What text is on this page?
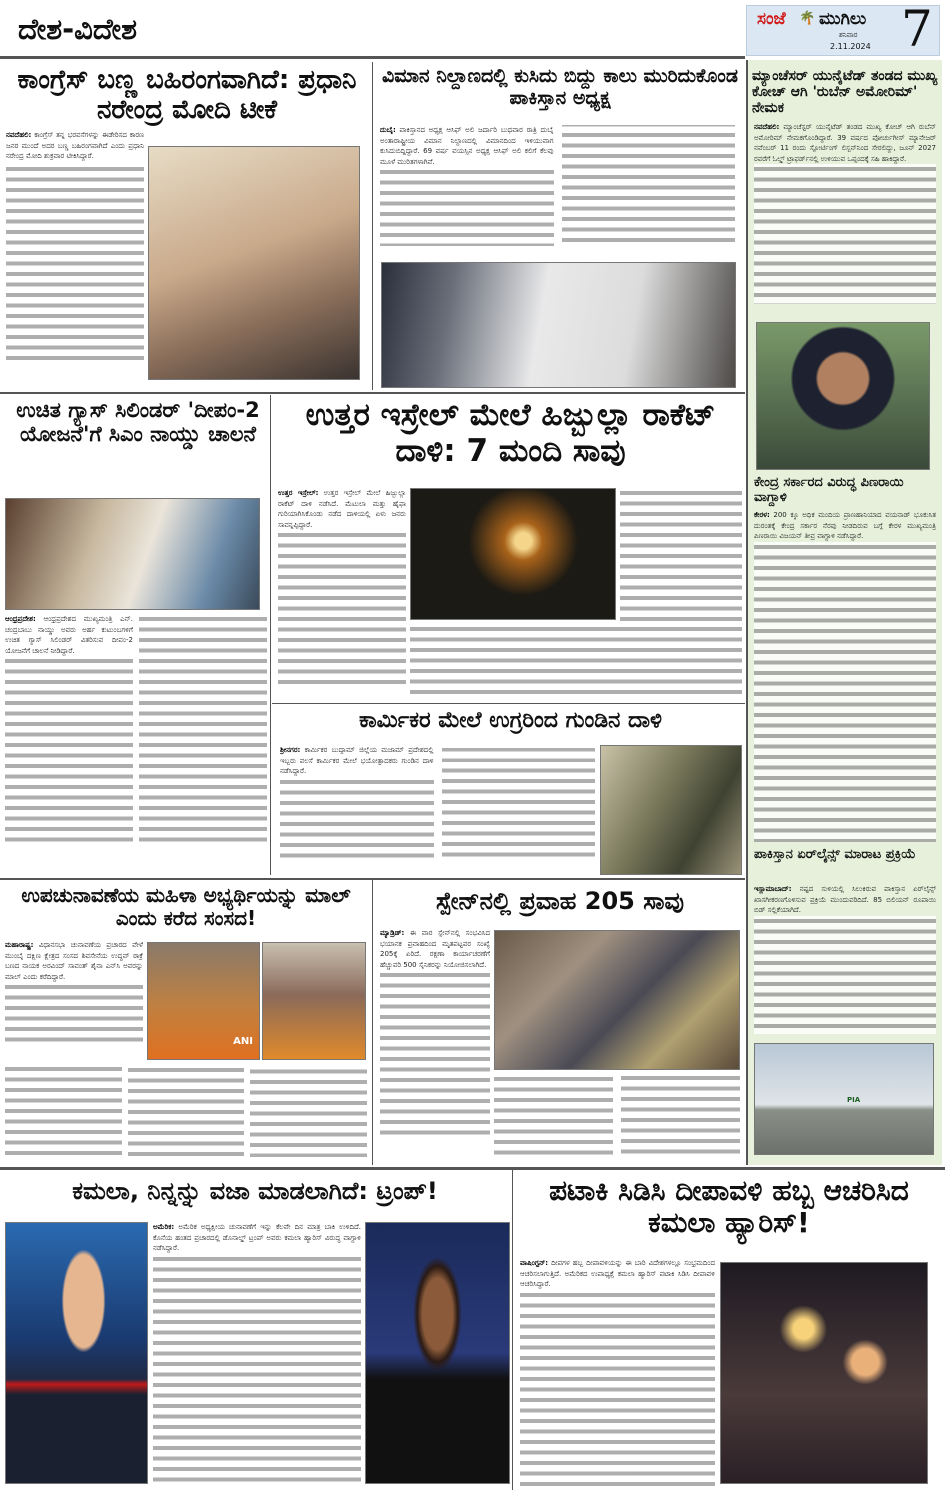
ದೇಶ-ವಿದೇಶ	ಸಂಜೆ 🌴 ಮುಗಿಲು
ಶನಿವಾರ
2.11.2024 7
ಕಾಂಗ್ರೆಸ್ ಬಣ್ಣ ಬಹಿರಂಗವಾಗಿದೆ: ಪ್ರಧಾನಿ ನರೇಂದ್ರ ಮೋದಿ ಟೀಕೆ
ನವದೆಹಲಿ: ಕಾಂಗ್ರೆಸ್ ತನ್ನ ಭರವಸೆಗಳನ್ನು ಈಡೇರಿಸದ ಕಾರಣ ಜನರ ಮುಂದೆ ಅದರ ಬಣ್ಣ ಬಹಿರಂಗವಾಗಿದೆ ಎಂದು ಪ್ರಧಾನಿ ನರೇಂದ್ರ ಮೋದಿ ಶುಕ್ರವಾರ ಟೀಕಿಸಿದ್ದಾರೆ.
ವಿಮಾನ ನಿಲ್ದಾಣದಲ್ಲಿ ಕುಸಿದು ಬಿದ್ದು ಕಾಲು ಮುರಿದುಕೊಂಡ ಪಾಕಿಸ್ತಾನ ಅಧ್ಯಕ್ಷ
ದುಬೈ: ಪಾಕಿಸ್ತಾನದ ಅಧ್ಯಕ್ಷ ಆಸಿಫ್ ಅಲಿ ಜರ್ದಾರಿ ಬುಧವಾರ ರಾತ್ರಿ ದುಬೈ ಅಂತಾರಾಷ್ಟ್ರೀಯ ವಿಮಾನ ನಿಲ್ದಾಣದಲ್ಲಿ ವಿಮಾನದಿಂದ ಇಳಿಯುವಾಗ ಕುಸಿದುಬಿದ್ದಿದ್ದಾರೆ. 69 ವರ್ಷ ವಯಸ್ಸಿನ ಅಧ್ಯಕ್ಷ ಆಸಿಫ್ ಅಲಿ ಕಲಿಗೆ ಕೆಲವು ಮೂಳೆ ಮುರಿತಗಳಾಗಿವೆ.
ಮ್ಯಾಂಚೆಸರ್ ಯುನೈಟೆಡ್ ತಂಡದ ಮುಖ್ಯ ಕೋಚ್ ಆಗಿ 'ರುಬೆನ್ ಅಮೋರಿಮ್' ನೇಮಕ
ನವದೆಹಲಿ: ಮ್ಯಾಂಚೆಸ್ಟರ್ ಯುನೈಟೆಡ್ ತಂಡದ ಮುಖ್ಯ ಕೋಚ್ ಆಗಿ ರುಬೆನ್ ಅಮೋರಿಮ್ ನೇಮಕಗೊಂಡಿದ್ದಾರೆ. 39 ವರ್ಷದ ಪೋರ್ಚುಗೀಸ್ ಮ್ಯಾನೇಜರ್ ನವೆಂಬರ್ 11 ರಂದು ಸ್ಪೋರ್ಟಿಂಗ್ ಲಿಸ್ಬನ್‌ನಿಂದ ಸೇರಲಿದ್ದು, ಜೂನ್ 2027 ರವರೆಗೆ ಓಲ್ಡ್ ಟ್ರಾಫರ್ಡ್‌ನಲ್ಲಿ ಉಳಿಯುವ ಒಪ್ಪಂದಕ್ಕೆ ಸಹಿ ಹಾಕಿದ್ದಾರೆ.
ಕೇಂದ್ರ ಸರ್ಕಾರದ ವಿರುದ್ಧ ಪಿಣರಾಯಿ ವಾಗ್ದಾಳಿ
ಕೇರಳ: 200 ಕ್ಕೂ ಅಧಿಕ ಮಂದಿಯ ಪ್ರಾಣಹಾನಿಯಾದ ವಯನಾಡ್ ಭೂಕುಸಿತ ದುರಂತಕ್ಕೆ ಕೇಂದ್ರ ಸರ್ಕಾರ ನೆರವು ನೀಡದಿರುವ ಬಗ್ಗೆ ಕೇರಳ ಮುಖ್ಯಮಂತ್ರಿ ಪಿಣರಾಯಿ ವಿಜಯನ್ ತೀವ್ರ ವಾಗ್ದಾಳಿ ನಡೆಸಿದ್ದಾರೆ.
ಪಾಕಿಸ್ತಾನ ಏರ್‌ಲೈನ್ಸ್ ಮಾರಾಟ ಪ್ರಕ್ರಿಯೆ
ಇಸ್ಲಾಮಾಬಾದ್: ನಷ್ಟದ ಸುಳಿಯಲ್ಲಿ ಸಿಲುಕಿರುವ ಪಾಕಿಸ್ತಾನ ಏರ್‌ಲೈನ್ಸ್ ಖಾಸಗೀಕರಣಗೊಳಿಸುವ ಪ್ರಕ್ರಿಯೆ ಮುಂದುವರಿದಿದೆ. 85 ಬಿಲಿಯನ್ ರೂಪಾಯಿ ಬಿಡ್ ಸಲ್ಲಿಕೆಯಾಗಿದೆ.
PIA
ಉಚಿತ ಗ್ಯಾಸ್ ಸಿಲಿಂಡರ್ 'ದೀಪಂ-2 ಯೋಜನೆ'ಗೆ ಸಿಎಂ ನಾಯ್ಡು ಚಾಲನೆ
ಆಂಧ್ರಪ್ರದೇಶ: ಆಂಧ್ರಪ್ರದೇಶದ ಮುಖ್ಯಮಂತ್ರಿ ಎನ್. ಚಂದ್ರಬಾಬು ನಾಯ್ಡು ಅವರು ಅರ್ಹ ಕುಟುಂಬಗಳಿಗೆ ಉಚಿತ ಗ್ಯಾಸ್ ಸಿಲಿಂಡರ್ ವಿತರಿಸುವ ದೀಪಂ-2 ಯೋಜನೆಗೆ ಚಾಲನೆ ನೀಡಿದ್ದಾರೆ.
ಉತ್ತರ ಇಸ್ರೇಲ್ ಮೇಲೆ ಹಿಜ್ಬುಲ್ಲಾ ರಾಕೆಟ್ ದಾಳಿ: 7 ಮಂದಿ ಸಾವು
ಉತ್ತರ ಇಸ್ರೇಲ್: ಉತ್ತರ ಇಸ್ರೇಲ್ ಮೇಲೆ ಹಿಜ್ಬುಲ್ಲಾ ರಾಕೆಟ್ ದಾಳಿ ನಡೆಸಿದೆ. ಮೆಟುಲಾ ಮತ್ತು ಹೈಫಾ ಗುರಿಯಾಗಿಸಿಕೊಂಡು ನಡೆದ ದಾಳಿಯಲ್ಲಿ ಏಳು ಜನರು ಸಾವನ್ನಪ್ಪಿದ್ದಾರೆ.
ಕಾರ್ಮಿಕರ ಮೇಲೆ ಉಗ್ರರಿಂದ ಗುಂಡಿನ ದಾಳಿ
ಶ್ರೀನಗರ: ಕಾರ್ಮಿಕರ ಬುದ್ಗಾಮ್ ಜಿಲ್ಲೆಯ ಮಜಾಮ್ ಪ್ರದೇಶದಲ್ಲಿ ಇಬ್ಬರು ವಲಸೆ ಕಾರ್ಮಿಕರ ಮೇಲೆ ಭಯೋತ್ಪಾದಕರು ಗುಂಡಿನ ದಾಳಿ ನಡೆಸಿದ್ದಾರೆ.
ಉಪಚುನಾವಣೆಯ ಮಹಿಳಾ ಅಭ್ಯರ್ಥಿಯನ್ನು ಮಾಲ್ ಎಂದು ಕರೆದ ಸಂಸದ!
ಮಹಾರಾಷ್ಟ್ರ: ವಿಧಾನಸಭಾ ಚುನಾವಣೆಯ ಪ್ರಚಾರದ ವೇಳೆ ಮುಂಬೈ ದಕ್ಷಿಣ ಕ್ಷೇತ್ರದ ಸಂಸದ ಶಿವಸೇನೆಯ ಉದ್ಧವ್ ಠಾಕ್ರೆ ಬಣದ ನಾಯಕ ಅರವಿಂದ್ ಸಾವಂತ್ ಶೈನಾ ಎನ್‌ಸಿ ಅವರನ್ನು ಮಾಲ್ ಎಂದು ಕರೆದಿದ್ದಾರೆ.
ANI
ಸ್ಪೇನ್‌ನಲ್ಲಿ ಪ್ರವಾಹ 205 ಸಾವು
ಮ್ಯಾಡ್ರಿಡ್: ಈ ವಾರ ಸ್ಪೇನ್‌ನಲ್ಲಿ ಸಂಭವಿಸಿದ ಭಯಾನಕ ಪ್ರವಾಹದಿಂದ ಮೃತಪಟ್ಟವರ ಸಂಖ್ಯೆ 205ಕ್ಕೆ ಏರಿದೆ. ರಕ್ಷಣಾ ಕಾರ್ಯಾಚರಣೆಗೆ ಹೆಚ್ಚುವರಿ 500 ಸೈನಿಕರನ್ನು ನಿಯೋಜಿಸಲಾಗಿದೆ.
ಕಮಲಾ, ನಿನ್ನನ್ನು ವಜಾ ಮಾಡಲಾಗಿದೆ: ಟ್ರಂಪ್!
ಅಮೆರಿಕ: ಅಮೆರಿಕ ಅಧ್ಯಕ್ಷೀಯ ಚುನಾವಣೆಗೆ ಇನ್ನು ಕೆಲವೇ ದಿನ ಮಾತ್ರ ಬಾಕಿ ಉಳಿದಿದೆ. ಕೊನೆಯ ಹಂತದ ಪ್ರಚಾರದಲ್ಲಿ ಡೊನಾಲ್ಡ್ ಟ್ರಂಪ್ ಅವರು ಕಮಲಾ ಹ್ಯಾರಿಸ್ ವಿರುದ್ಧ ವಾಗ್ದಾಳಿ ನಡೆಸಿದ್ದಾರೆ.
ಪಟಾಕಿ ಸಿಡಿಸಿ ದೀಪಾವಳಿ ಹಬ್ಬ ಆಚರಿಸಿದ ಕಮಲಾ ಹ್ಯಾರಿಸ್!
ವಾಷಿಂಗ್ಟನ್: ದೀಪಗಳ ಹಬ್ಬ ದೀಪಾವಳಿಯನ್ನು ಈ ಬಾರಿ ವಿದೇಶಗಳಲ್ಲೂ ಸಂಭ್ರಮದಿಂದ ಆಚರಿಸಲಾಗುತ್ತಿದೆ. ಅಮೆರಿಕದ ಉಪಾಧ್ಯಕ್ಷೆ ಕಮಲಾ ಹ್ಯಾರಿಸ್ ಪಟಾಕಿ ಸಿಡಿಸಿ ದೀಪಾವಳಿ ಆಚರಿಸಿದ್ದಾರೆ.
